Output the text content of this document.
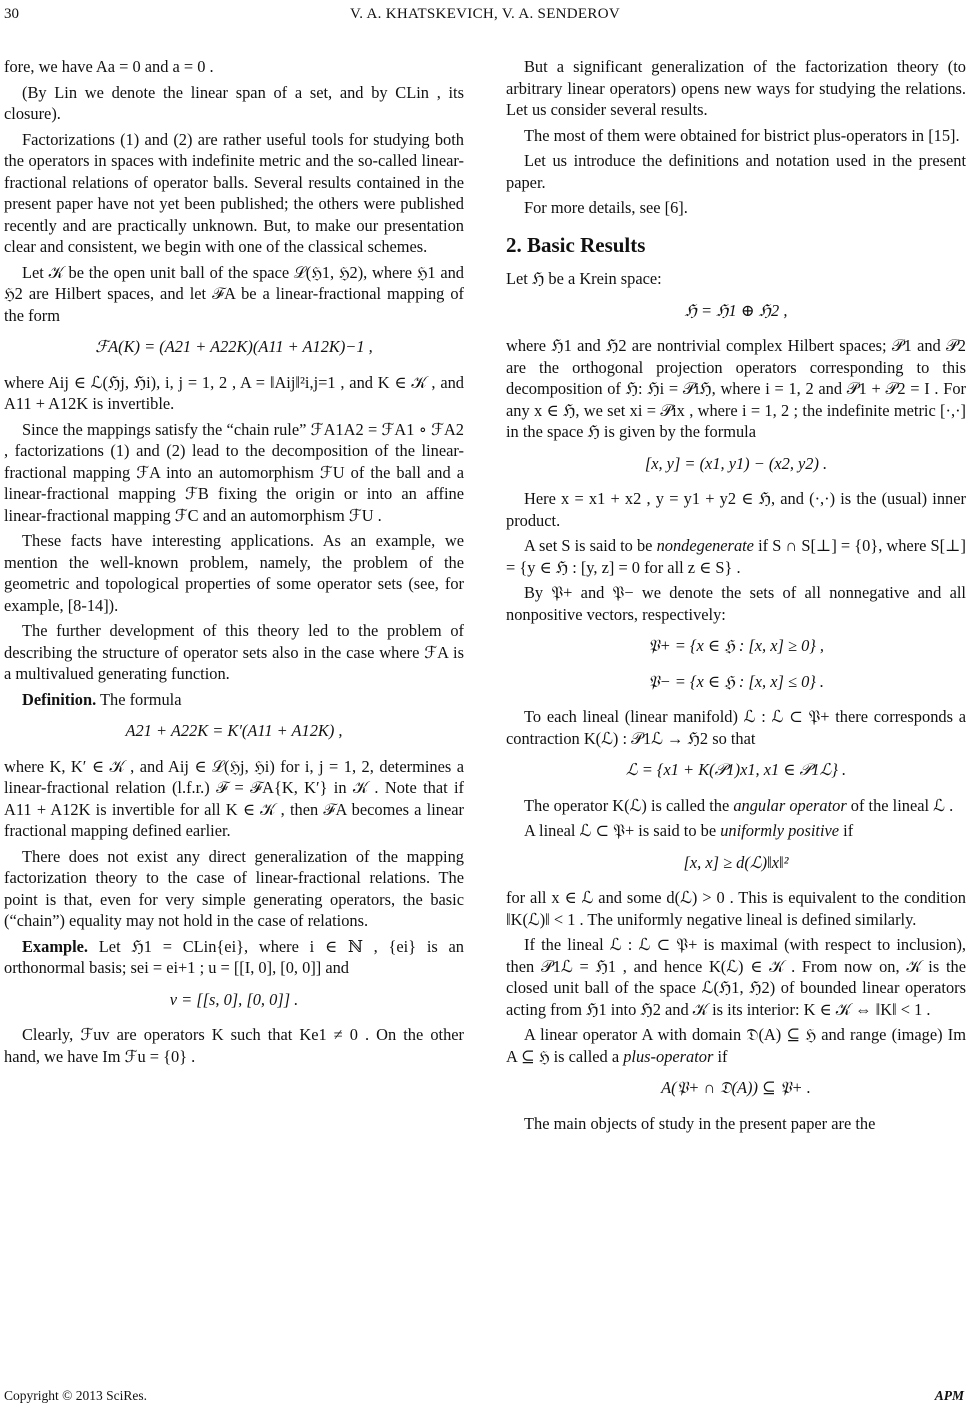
30	V. A. KHATSKEVICH, V. A. SENDEROV

fore, we have Aa = 0 and a = 0 .

(By Lin we denote the linear span of a set, and by CLin , its closure).

Factorizations (1) and (2) are rather useful tools for studying both the operators in spaces with indefinite metric and the so-called linear-fractional relations of operator balls. Several results contained in the present paper have not yet been published; the others were published recently and are practically unknown. But, to make our presentation clear and consistent, we begin with one of the classical schemes.

Let 𝒦 be the open unit ball of the space ℒ(ℌ1, ℌ2), where ℌ1 and ℌ2 are Hilbert spaces, and let ℱA be a linear-fractional mapping of the form

ℱA(K) = (A21 + A22K)(A11 + A12K)−1 ,

where Aij ∈ ℒ(ℌj, ℌi), i, j = 1, 2 , A = ‖Aij‖²i,j=1 , and K ∈ 𝒦 , and A11 + A12K is invertible.

Since the mappings satisfy the “chain rule” ℱA1A2 = ℱA1 ∘ ℱA2 , factorizations (1) and (2) lead to the decomposition of the linear-fractional mapping ℱA into an automorphism ℱU of the ball and a linear-fractional mapping ℱB fixing the origin or into an affine linear-fractional mapping ℱC and an automorphism ℱU .

These facts have interesting applications. As an example, we mention the well-known problem, namely, the problem of the geometric and topological properties of some operator sets (see, for example, [8-14]).

The further development of this theory led to the problem of describing the structure of operator sets also in the case where ℱA is a multivalued generating function.

Definition. The formula

A21 + A22K = K′(A11 + A12K) ,

where K, K′ ∈ 𝒦 , and Aij ∈ ℒ(ℌj, ℌi) for i, j = 1, 2, determines a linear-fractional relation (l.f.r.) ℱ = ℱA{K, K′} in 𝒦 . Note that if A11 + A12K is invertible for all K ∈ 𝒦 , then ℱA becomes a linear fractional mapping defined earlier.

There does not exist any direct generalization of the mapping factorization theory to the case of linear-fractional relations. The point is that, even for very simple generating operators, the basic (“chain”) equality may not hold in the case of relations.

Example. Let ℌ1 = CLin{ei}, where i ∈ ℕ , {ei} is an orthonormal basis; sei = ei+1 ; u = [[I, 0], [0, 0]] and

v = [[s, 0], [0, 0]] .

Clearly, ℱuv are operators K such that Ke1 ≠ 0 . On the other hand, we have Im ℱu = {0} .

But a significant generalization of the factorization theory (to arbitrary linear operators) opens new ways for studying the relations. Let us consider several results.

The most of them were obtained for bistrict plus-operators in [15].

Let us introduce the definitions and notation used in the present paper.

For more details, see [6].

2. Basic Results

Let ℌ be a Krein space:

ℌ = ℌ1 ⊕ ℌ2 ,

where ℌ1 and ℌ2 are nontrivial complex Hilbert spaces; 𝒫1 and 𝒫2 are the orthogonal projection operators corresponding to this decomposition of ℌ: ℌi = 𝒫iℌ, where i = 1, 2 and 𝒫1 + 𝒫2 = I . For any x ∈ ℌ, we set xi = 𝒫ix , where i = 1, 2 ; the indefinite metric [·,·] in the space ℌ is given by the formula

[x, y] = (x1, y1) − (x2, y2) .

Here x = x1 + x2 , y = y1 + y2 ∈ ℌ, and (·,·) is the (usual) inner product.

A set S is said to be nondegenerate if S ∩ S[⊥] = {0}, where S[⊥] = {y ∈ ℌ : [y, z] = 0 for all z ∈ S} .

By 𝔓+ and 𝔓− we denote the sets of all nonnegative and all nonpositive vectors, respectively:

𝔓+ = {x ∈ ℌ : [x, x] ≥ 0} ,
𝔓− = {x ∈ ℌ : [x, x] ≤ 0} .

To each lineal (linear manifold) ℒ : ℒ ⊂ 𝔓+ there corresponds a contraction K(ℒ) : 𝒫1ℒ → ℌ2 so that

ℒ = {x1 + K(𝒫1)x1, x1 ∈ 𝒫1ℒ} .

The operator K(ℒ) is called the angular operator of the lineal ℒ .

A lineal ℒ ⊂ 𝔓+ is said to be uniformly positive if

[x, x] ≥ d(ℒ)‖x‖²

for all x ∈ ℒ and some d(ℒ) > 0 . This is equivalent to the condition ‖K(ℒ)‖ < 1 . The uniformly negative lineal is defined similarly.

If the lineal ℒ : ℒ ⊂ 𝔓+ is maximal (with respect to inclusion), then 𝒫1ℒ = ℌ1 , and hence K(ℒ) ∈ 𝒦 . From now on, 𝒦 is the closed unit ball of the space ℒ(ℌ1, ℌ2) of bounded linear operators acting from ℌ1 into ℌ2 and 𝒦 is its interior: K ∈ 𝒦 ⇔ ‖K‖ < 1 .

A linear operator A with domain 𝔇(A) ⊆ ℌ and range (image) Im A ⊆ ℌ is called a plus-operator if

A(𝔓+ ∩ 𝔇(A)) ⊆ 𝔓+ .

The main objects of study in the present paper are the

Copyright © 2013 SciRes.	APM
